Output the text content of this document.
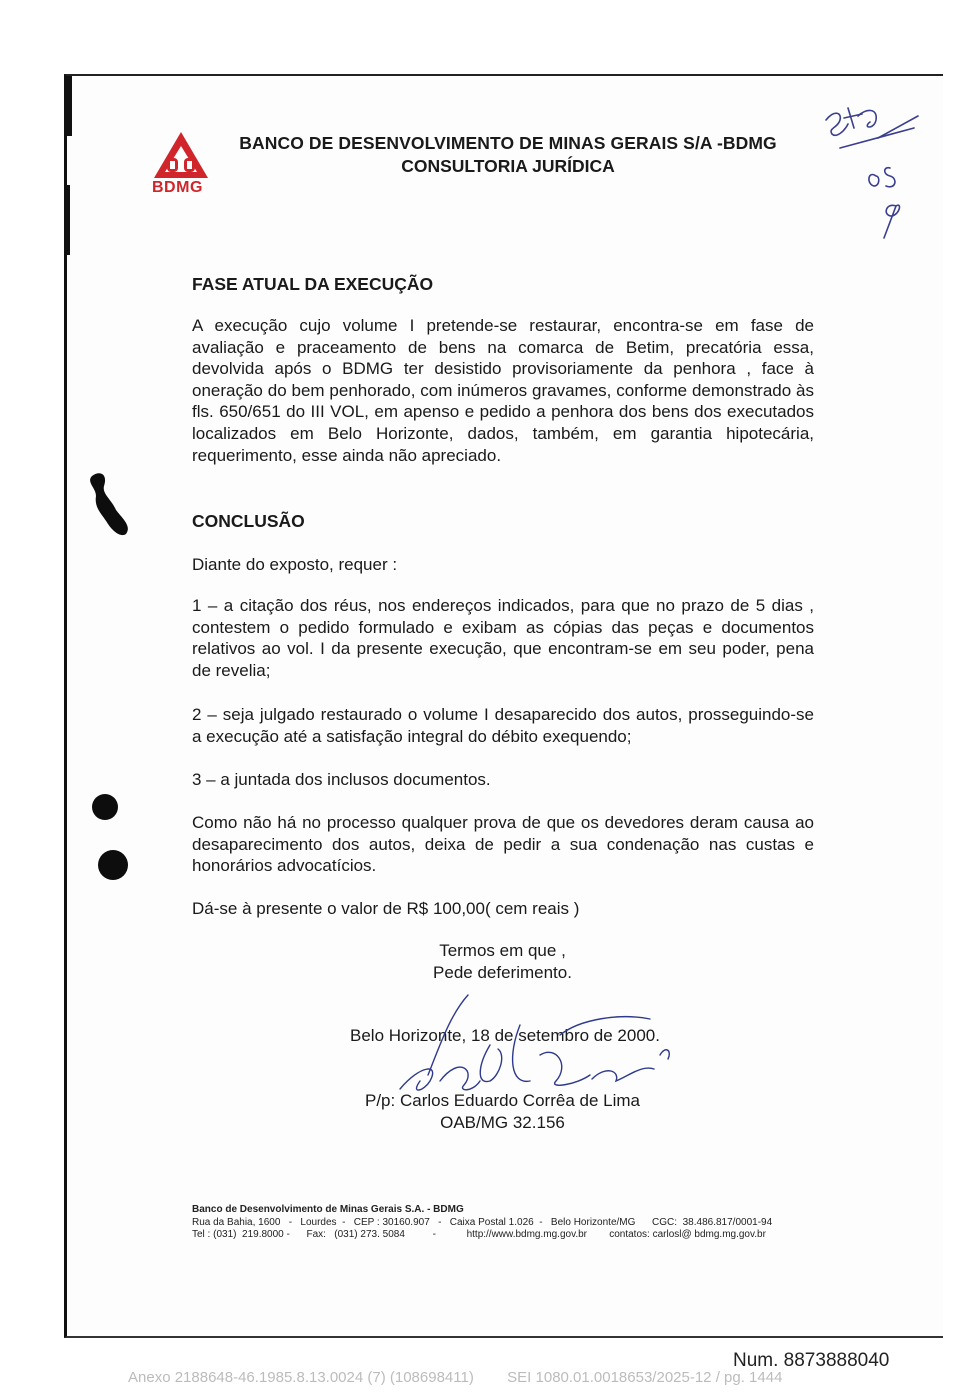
BDMG
BANCO DE DESENVOLVIMENTO DE MINAS GERAIS S/A -BDMG
CONSULTORIA JURÍDICA
FASE ATUAL DA EXECUÇÃO
A execução cujo volume I pretende-se restaurar, encontra-se em fase de avaliação e praceamento de bens na comarca de Betim, precatória essa, devolvida após o BDMG ter desistido provisoriamente da penhora , face à oneração do bem penhorado, com inúmeros gravames, conforme demonstrado às fls. 650/651 do III VOL, em apenso e pedido a penhora dos bens dos executados localizados em Belo Horizonte, dados, também, em garantia hipotecária, requerimento, esse ainda não apreciado.
CONCLUSÃO
Diante do exposto, requer :
1 – a citação dos réus, nos endereços indicados, para que no prazo de 5 dias , contestem o pedido formulado e exibam as cópias das peças e documentos relativos ao vol. I da presente execução, que encontram-se em seu poder, pena de revelia;
2 – seja julgado restaurado o volume I desaparecido dos autos, prosseguindo-se a execução até a satisfação integral do débito exequendo;
3 – a juntada dos inclusos documentos.
Como não há no processo qualquer prova de que os devedores deram causa ao desaparecimento dos autos, deixa de pedir a sua condenação nas custas e honorários advocatícios.
Dá-se à presente o valor de R$ 100,00( cem reais )
Termos em que ,
Pede deferimento.
Belo Horizonte, 18 de setembro de 2000.
P/p: Carlos Eduardo Corrêa de Lima
OAB/MG 32.156
Banco de Desenvolvimento de Minas Gerais S.A. - BDMG
Rua da Bahia, 1600   -   Lourdes  -   CEP : 30160.907   -   Caixa Postal 1.026  -   Belo Horizonte/MG      CGC:  38.486.817/0001-94
Tel : (031)  219.8000 -      Fax:   (031) 273. 5084          -           http://www.bdmg.mg.gov.br        contatos: carlosl@ bdmg.mg.gov.br
Num. 8873888040
Anexo 2188648-46.1985.8.13.0024 (7) (108698411)        SEI 1080.01.0018653/2025-12 / pg. 1444
